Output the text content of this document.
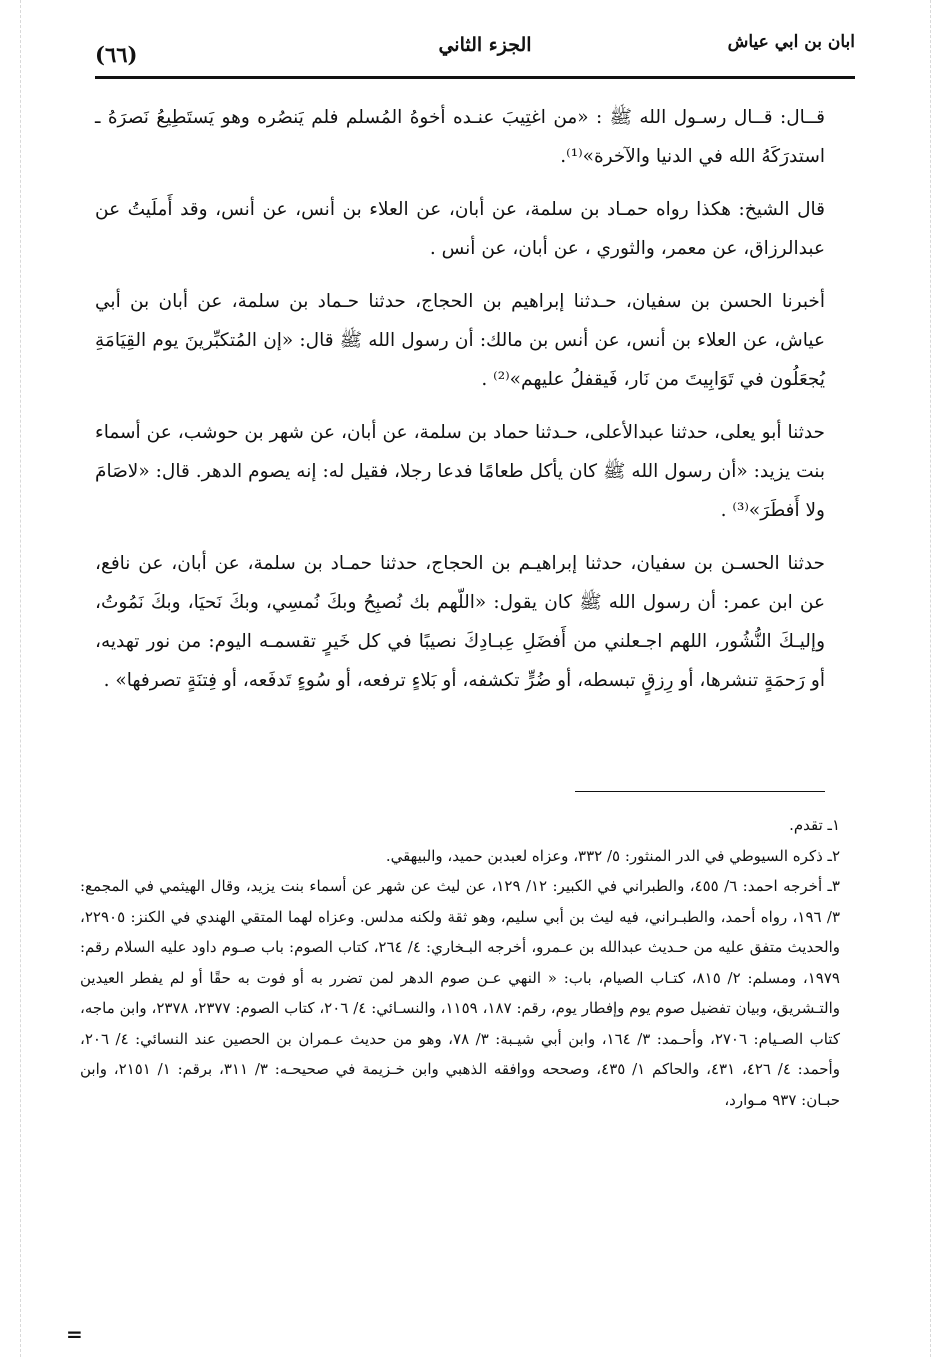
ابان بن ابي عياش
الجزء الثاني
(٦٦)

قــال: قــال رسـول الله ﷺ : «من اغتِيبَ عنـده أخوهُ المُسلم فلم يَنصُره وهو يَستَطِيعُ نَصرَهُ ـ استدرَكَهُ الله في الدنيا والآخرة»⁽¹⁾.

قال الشيخ: هكذا رواه حمـاد بن سلمة، عن أبان، عن العلاء بن أنس، عن أنس، وقد أَملَيتُ عن عبدالرزاق، عن معمر، والثوري ، عن أبان، عن أنس .

أخبرنا الحسن بن سفيان، حـدثنا إبراهيم بن الحجاج، حدثنا حـماد بن سلمة، عن أبان بن أبي عياش، عن العلاء بن أنس، عن أنس بن مالك: أن رسول الله ﷺ قال: «إن المُتكبِّرينَ يوم القِيَامَةِ يُجعَلُون في تَوَابِيتَ من نَار، فَيقفلُ عليهم»⁽²⁾ .

حدثنا أبو يعلى، حدثنا عبدالأعلى، حـدثنا حماد بن سلمة، عن أبان، عن شهر بن حوشب، عن أسماء بنت يزيد: «أن رسول الله ﷺ كان يأكل طعامًا فدعا رجلا، فقيل له: إنه يصوم الدهر. قال: «لاصَامَ ولا أَفطَرَ»⁽³⁾ .

حدثنا الحسـن بن سفيان، حدثنا إبراهيـم بن الحجاج، حدثنا حمـاد بن سلمة، عن أبان، عن نافع، عن ابن عمر: أن رسول الله ﷺ كان يقول: «اللّهم بك نُصبِحُ وبكَ نُمسِي، وبكَ نَحيَا، وبكَ نَمُوتُ، وإليـكَ النُّشُور، اللهم اجـعلني من أَفضَلِ عِبـادِكَ نصيبًا في كل خَيرٍ تقسمـه اليوم: من نور تهديه، أو رَحمَةٍ تنشرها، أو رِزقٍ تبسطه، أو ضُرٍّ تكشفه، أو بَلاءٍ ترفعه، أو سُوءٍ تَدفَعه، أو فِتنَةٍ تصرفها» .

١ـ تقدم.

٢ـ ذكره السيوطي في الدر المنثور: ٥/ ٣٣٢، وعزاه لعبدبن حميد، والبيهقي.

٣ـ أخرجه احمد: ٦/ ٤٥٥، والطبراني في الكبير: ١٢/ ١٢٩، عن ليث عن شهر عن أسماء بنت يزيد، وقال الهيثمي في المجمع: ٣/ ١٩٦، رواه أحمد، والطبـراني، فيه ليث بن أبي سليم، وهو ثقة ولكنه مدلس. وعزاه لهما المتقي الهندي في الكنز: ٢٢٩٠٥، والحديث متفق عليه من حـديث عبدالله بن عـمرو، أخرجه البـخاري: ٤/ ٢٦٤، كتاب الصوم: باب صـوم داود عليه السلام رقم: ١٩٧٩، ومسلم: ٢/ ٨١٥، كتـاب الصيام، باب: « النهي عـن صوم الدهر لمن تضرر به أو فوت به حقًا أو لم يفطر العيدين والتـشريق، وبيان تفضيل صوم يوم وإفطار يوم، رقم: ١٨٧، ١١٥٩، والنسـائي: ٤/ ٢٠٦، كتاب الصوم: ٢٣٧٧، ٢٣٧٨، وابن ماجه، كتاب الصـيام: ٢٧٠٦، وأحـمد: ٣/ ١٦٤، وابن أبي شيـبة: ٣/ ٧٨، وهو من حديث عـمران بن الحصين عند النسائي: ٤/ ٢٠٦، وأحمد: ٤/ ٤٢٦، ٤٣١، والحاكم ١/ ٤٣٥، وصححه ووافقه الذهبي وابن خـزيمة في صحيحـه: ٣/ ٣١١، برقم: ١/ ٢١٥١، وابن حبـان: ٩٣٧ مـوارد،

=
